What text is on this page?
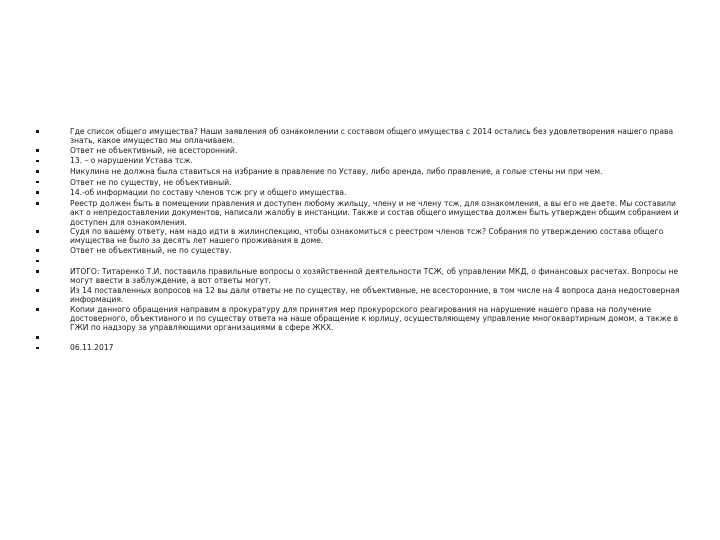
Где список общего имущества? Наши заявления об ознакомлении с составом общего имущества с 2014 остались без удовлетворения нашего права знать, какое имущество мы оплачиваем.
Ответ не объективный, не всесторонний.
13. – о нарушении Устава тсж.
Никулина не должна была ставиться на избрание в правление по Уставу, либо аренда, либо правление, а голые стены ни при чем.
Ответ не по существу, не объективный.
14.-об информации по составу членов тсж ргу и общего имущества.
Реестр должен быть в помещении правления и доступен любому жильцу, члену и не члену тсж, для ознакомления, а вы его не даете. Мы составили акт о непредоставлении документов, написали жалобу в инстанции. Также и состав общего имущества должен быть утвержден общим собранием и доступен для ознакомления.
Судя по вашему ответу, нам надо идти в жилинспекцию, чтобы ознакомиться с реестром членов тсж? Собрания по утверждению состава общего имущества не было за десять лет нашего проживания в доме.
Ответ не объективный, не по существу.
ИТОГО: Титаренко Т.И. поставила правильные вопросы о хозяйственной деятельности ТСЖ, об управлении МКД, о финансовых расчетах. Вопросы не могут ввести в заблуждение, а вот ответы могут.
Из 14 поставленных вопросов на 12 вы дали ответы не по существу, не объективные, не всесторонние, в том числе на 4 вопроса дана недостоверная информация.
Копии данного обращения направим в прокуратуру для принятия мер прокурорского реагирования на нарушение нашего права на получение достоверного, объективного и по существу ответа на наше обращение к юрлицу, осуществляющему управление многоквартирным домом, а также в ГЖИ по надзору за управляющими организациями в сфере ЖКХ.
06.11.2017
